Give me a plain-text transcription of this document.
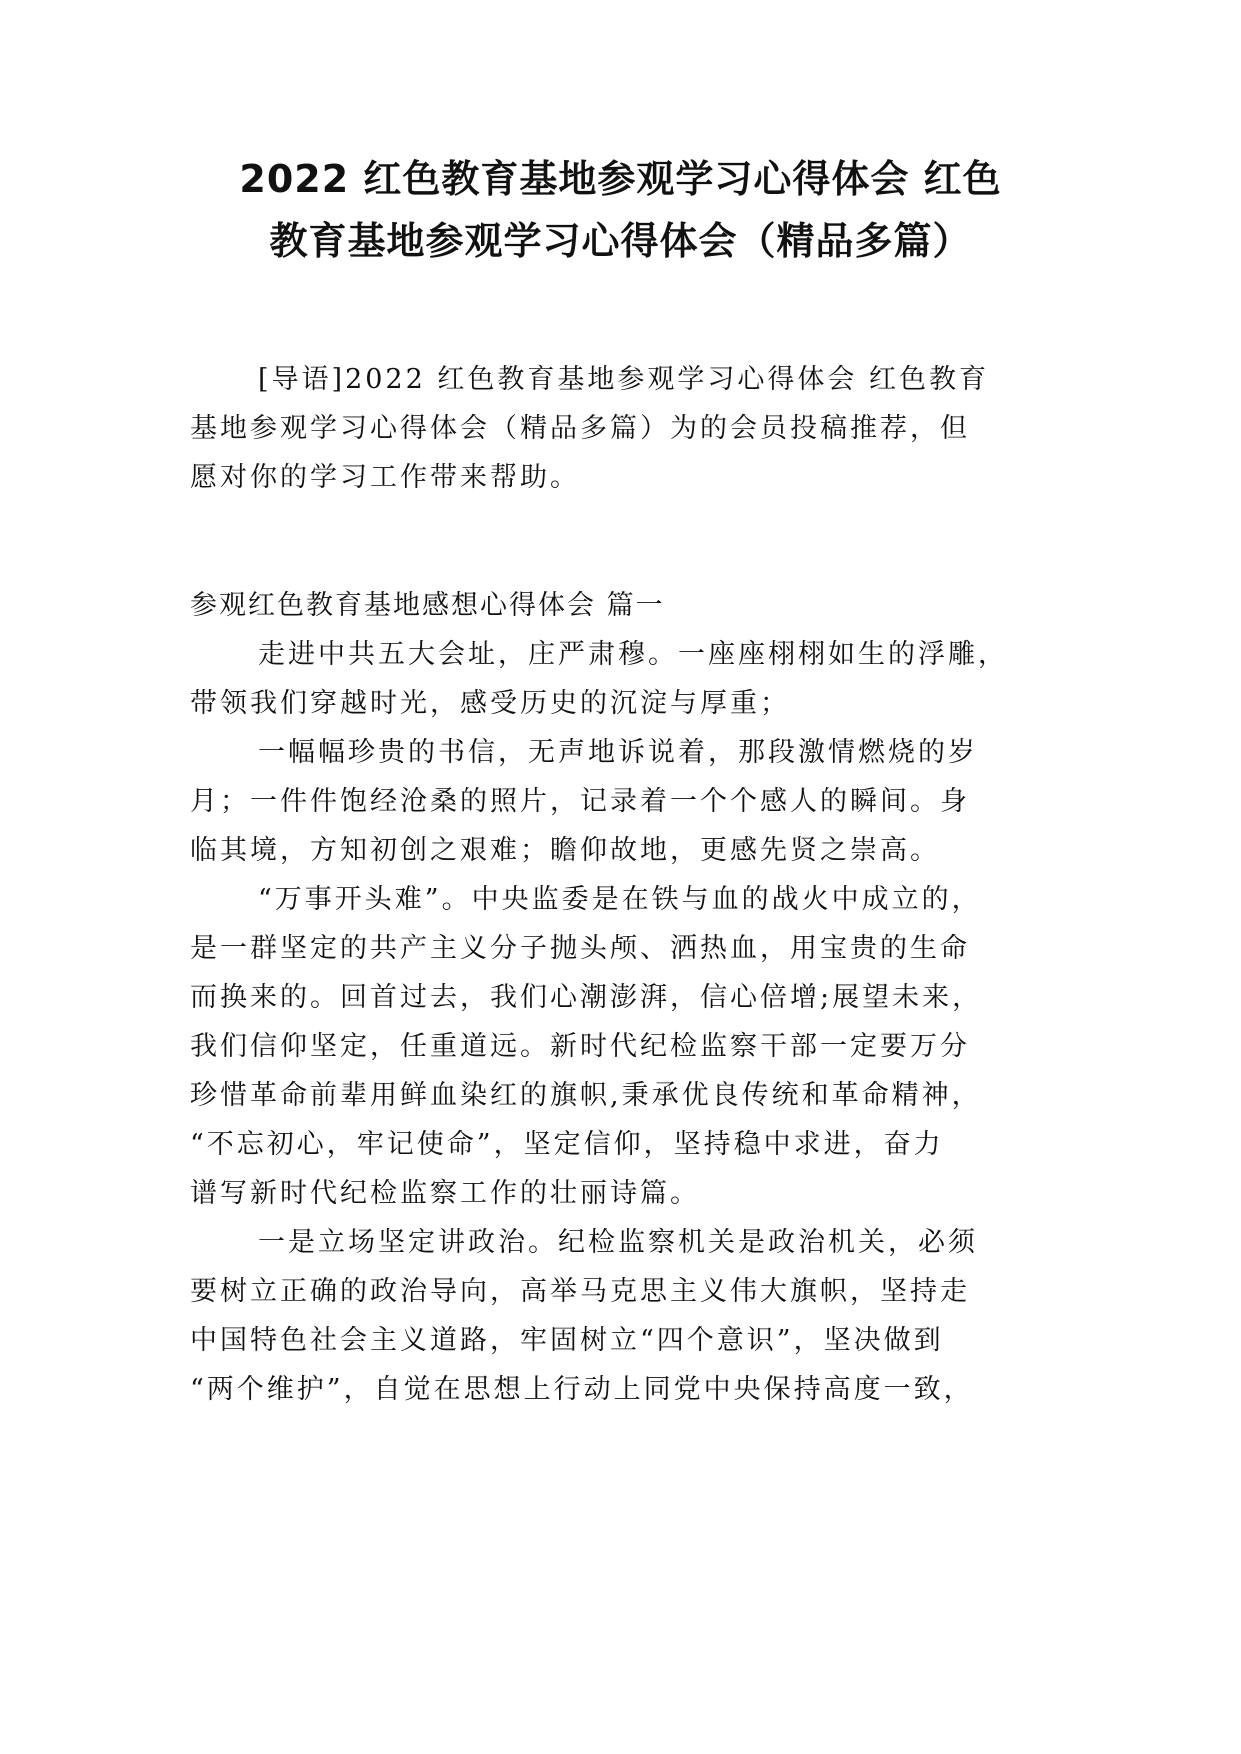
2022 红色教育基地参观学习心得体会 红色
教育基地参观学习心得体会（精品多篇）
[导语]2022 红色教育基地参观学习心得体会 红色教育
基地参观学习心得体会（精品多篇）为的会员投稿推荐，但
愿对你的学习工作带来帮助。
参观红色教育基地感想心得体会 篇一
走进中共五大会址，庄严肃穆。一座座栩栩如生的浮雕，
带领我们穿越时光，感受历史的沉淀与厚重；
一幅幅珍贵的书信，无声地诉说着，那段激情燃烧的岁
月；一件件饱经沧桑的照片，记录着一个个感人的瞬间。身
临其境，方知初创之艰难；瞻仰故地，更感先贤之崇高。
“万事开头难”。中央监委是在铁与血的战火中成立的，
是一群坚定的共产主义分子抛头颅、洒热血，用宝贵的生命
而换来的。回首过去，我们心潮澎湃，信心倍增;展望未来，
我们信仰坚定，任重道远。新时代纪检监察干部一定要万分
珍惜革命前辈用鲜血染红的旗帜,秉承优良传统和革命精神，
“不忘初心，牢记使命”，坚定信仰，坚持稳中求进，奋力
谱写新时代纪检监察工作的壮丽诗篇。
一是立场坚定讲政治。纪检监察机关是政治机关，必须
要树立正确的政治导向，高举马克思主义伟大旗帜，坚持走
中国特色社会主义道路，牢固树立“四个意识”，坚决做到
“两个维护”，自觉在思想上行动上同党中央保持高度一致，
